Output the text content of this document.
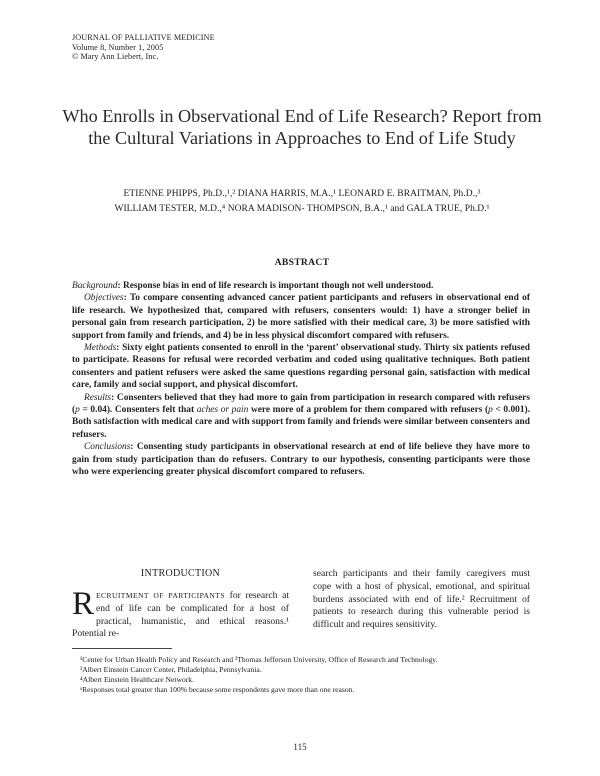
JOURNAL OF PALLIATIVE MEDICINE
Volume 8, Number 1, 2005
© Mary Ann Liebert, Inc.
Who Enrolls in Observational End of Life Research? Report from the Cultural Variations in Approaches to End of Life Study
ETIENNE PHIPPS, Ph.D.,¹,² DIANA HARRIS, M.A.,¹ LEONARD E. BRAITMAN, Ph.D.,³
WILLIAM TESTER, M.D.,⁴ NORA MADISON- THOMPSON, B.A.,¹ and GALA TRUE, Ph.D.¹
ABSTRACT

Background: Response bias in end of life research is important though not well understood.

Objectives: To compare consenting advanced cancer patient participants and refusers in observational end of life research. We hypothesized that, compared with refusers, consenters would: 1) have a stronger belief in personal gain from research participation, 2) be more satisfied with their medical care, 3) be more satisfied with support from family and friends, and 4) be in less physical discomfort compared with refusers.

Methods: Sixty eight patients consented to enroll in the ‘parent’ observational study. Thirty six patients refused to participate. Reasons for refusal were recorded verbatim and coded using qualitative techniques. Both patient consenters and patient refusers were asked the same questions regarding personal gain, satisfaction with medical care, family and social support, and physical discomfort.

Results: Consenters believed that they had more to gain from participation in research compared with refusers (p = 0.04). Consenters felt that aches or pain were more of a problem for them compared with refusers (p < 0.001). Both satisfaction with medical care and with support from family and friends were similar between consenters and refusers.

Conclusions: Consenting study participants in observational research at end of life believe they have more to gain from study participation than do refusers. Contrary to our hypothesis, consenting participants were those who were experiencing greater physical discomfort compared to refusers.

INTRODUCTION
RECRUITMENT OF PARTICIPANTS for research at end of life can be complicated for a host of practical, humanistic, and ethical reasons.¹ Potential re-
search participants and their family caregivers must cope with a host of physical, emotional, and spiritual burdens associated with end of life.² Recruitment of patients to research during this vulnerable period is difficult and requires sensitivity.
¹Center for Urban Health Policy and Research and ²Thomas Jefferson University, Office of Research and Technology.
³Albert Einstein Cancer Center, Philadelphia, Pennsylvania.
⁴Albert Einstein Healthcare Network.
ᵃResponses total greater than 100% because some respondents gave more than one reason.
115
